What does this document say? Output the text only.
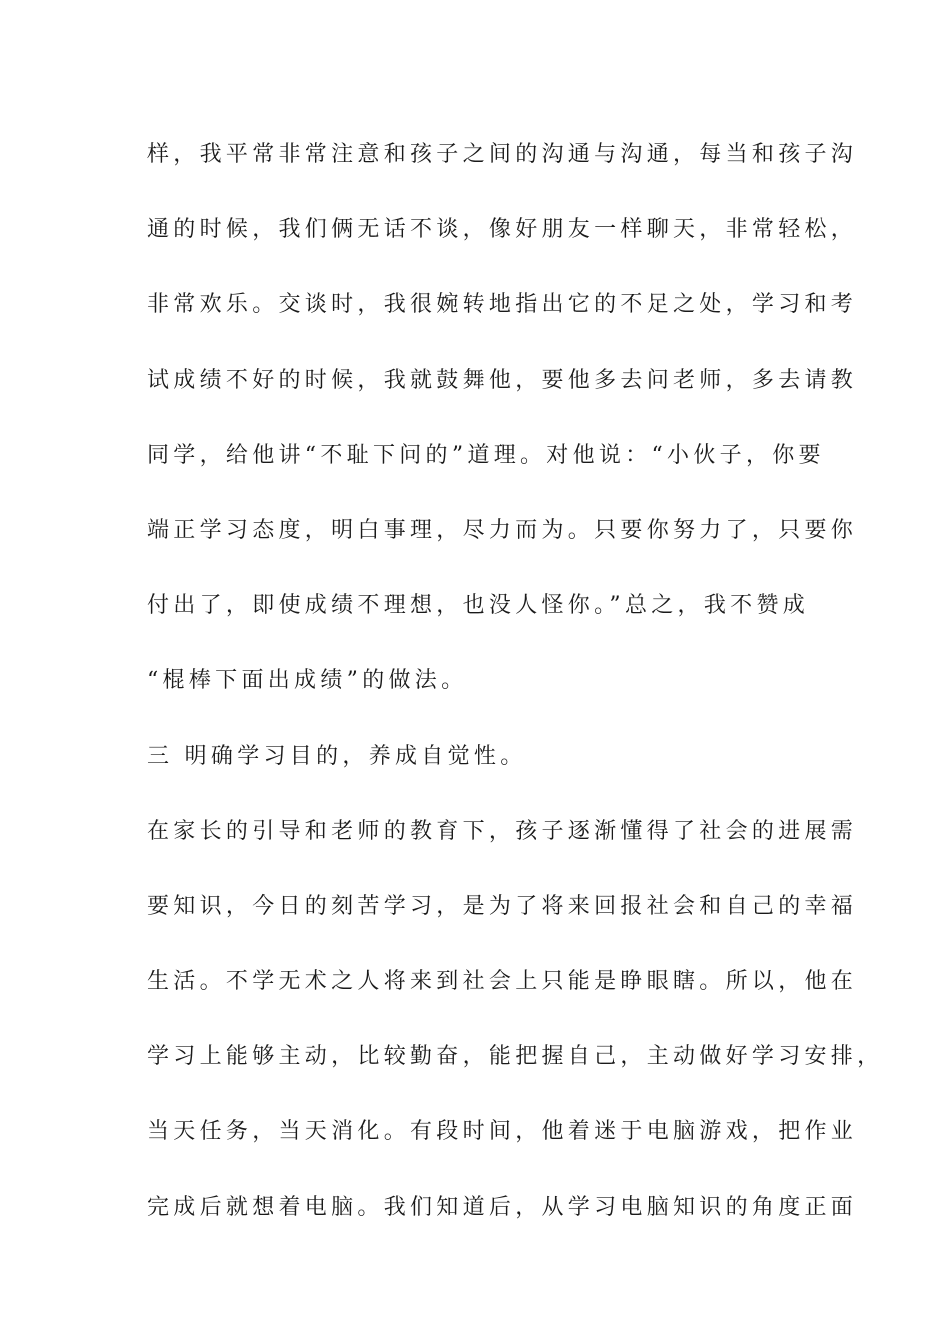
样，我平常非常注意和孩子之间的沟通与沟通，每当和孩子沟
通的时候，我们俩无话不谈，像好朋友一样聊天，非常轻松，
非常欢乐。交谈时，我很婉转地指出它的不足之处，学习和考
试成绩不好的时候，我就鼓舞他，要他多去问老师，多去请教
同学，给他讲“不耻下问的”道理。对他说：“小伙子，你要
端正学习态度，明白事理，尽力而为。只要你努力了，只要你
付出了，即使成绩不理想，也没人怪你。”总之，我不赞成
“棍棒下面出成绩”的做法。
三 明确学习目的，养成自觉性。
在家长的引导和老师的教育下，孩子逐渐懂得了社会的进展需
要知识，今日的刻苦学习，是为了将来回报社会和自己的幸福
生活。不学无术之人将来到社会上只能是睁眼瞎。所以，他在
学习上能够主动，比较勤奋，能把握自己，主动做好学习安排，
当天任务，当天消化。有段时间，他着迷于电脑游戏，把作业
完成后就想着电脑。我们知道后，从学习电脑知识的角度正面
